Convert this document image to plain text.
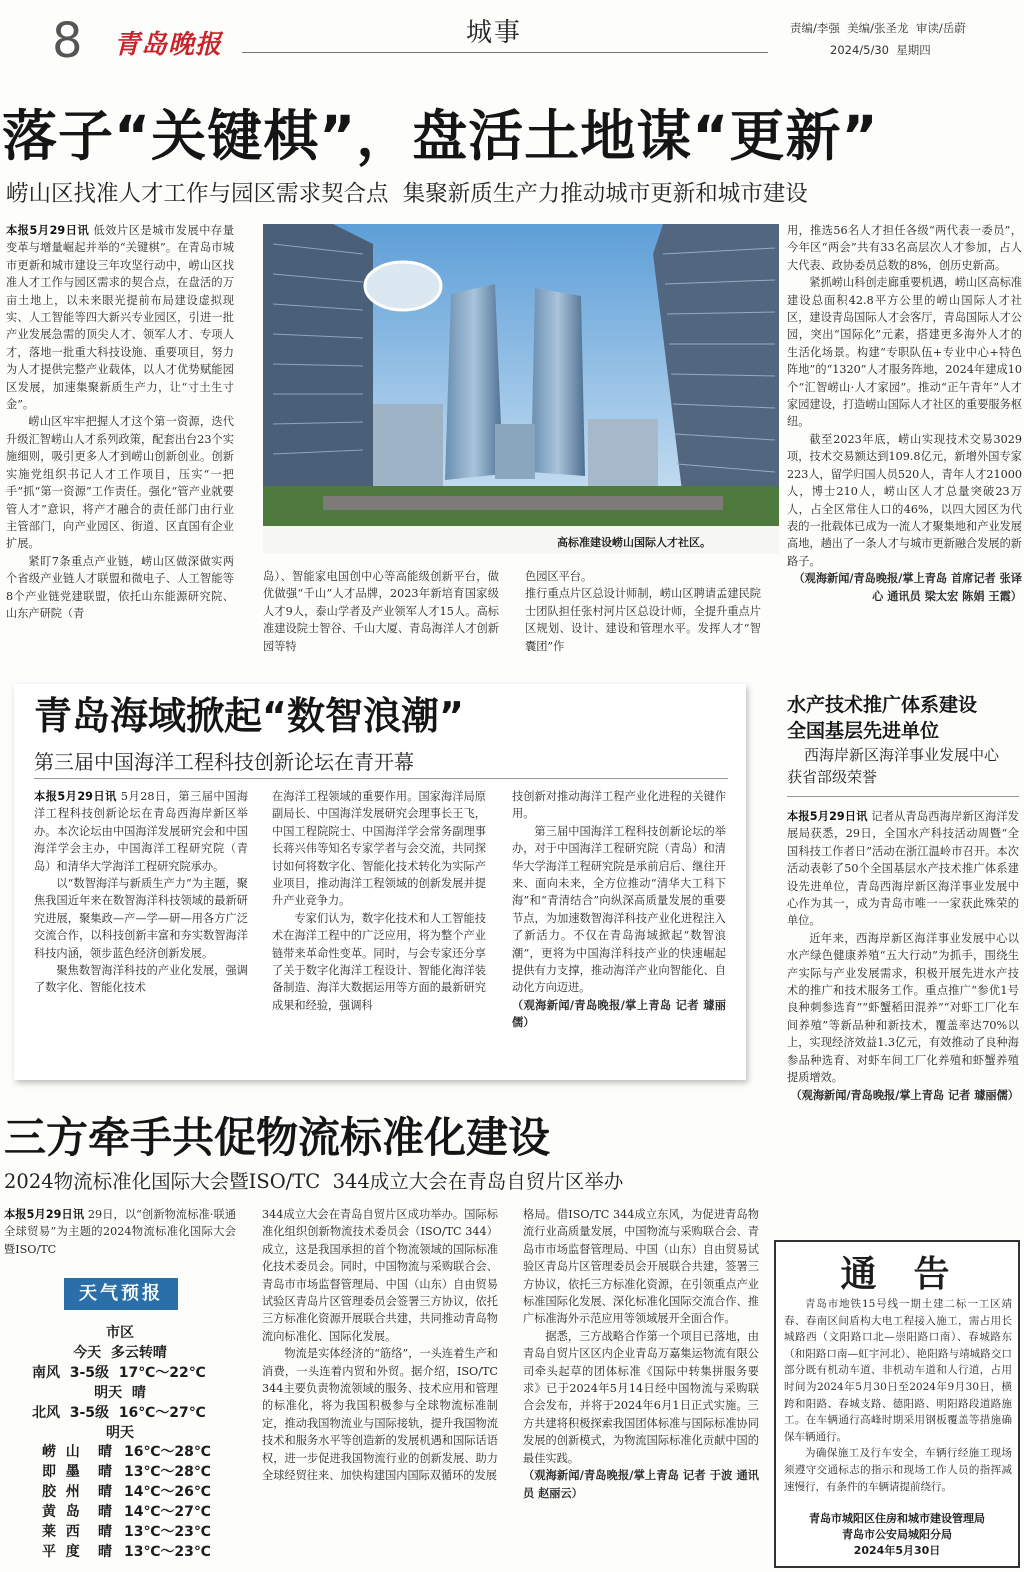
8 青岛晚报	城事	责编/李强  美编/张圣龙  审读/岳蔚
2024/5/30  星期四
落子“关键棋”，盘活土地谋“更新”
崂山区找准人才工作与园区需求契合点  集聚新质生产力推动城市更新和城市建设

本报5月29日讯 低效片区是城市发展中存量变革与增量崛起并举的“关键棋”。在青岛市城市更新和城市建设三年攻坚行动中，崂山区找准人才工作与园区需求的契合点，在盘活的万亩土地上，以未来眼光提前布局建设虚拟现实、人工智能等四大新兴专业园区，引进一批产业发展急需的顶尖人才、领军人才、专项人才，落地一批重大科技设施、重要项目，努力为人才提供完整产业载体，以人才优势赋能园区发展，加速集聚新质生产力，让“寸土生寸金”。

崂山区牢牢把握人才这个第一资源，迭代升级汇智崂山人才系列政策，配套出台23个实施细则，吸引更多人才到崂山创新创业。创新实施党组织书记人才工作项目，压实“一把手”抓“第一资源”工作责任。强化“管产业就要管人才”意识，将产才融合的责任部门由行业主管部门，向产业园区、街道、区直国有企业扩展。

紧盯7条重点产业链，崂山区做深做实两个省级产业链人才联盟和微电子、人工智能等8个产业链党建联盟，依托山东能源研究院、山东产研院（青

高标准建设崂山国际人才社区。

岛）、智能家电国创中心等高能级创新平台，做优做强“千山”人才品牌，2023年新培育国家级人才9人，泰山学者及产业领军人才15人。高标准建设院士智谷、千山大厦、青岛海洋人才创新园等特

色园区平台。
推行重点片区总设计师制，崂山区聘请孟建民院士团队担任张村河片区总设计师，全提升重点片区规划、设计、建设和管理水平。发挥人才“智囊团”作

用，推选56名人才担任各级“两代表一委员”，今年区“两会”共有33名高层次人才参加，占人大代表、政协委员总数的8%，创历史新高。

紧抓崂山科创走廊重要机遇，崂山区高标准建设总面积42.8平方公里的崂山国际人才社区，建设青岛国际人才会客厅，青岛国际人才公园，突出“国际化”元素，搭建更多海外人才的生活化场景。构建“专职队伍+专业中心+特色阵地”的“1320”人才服务阵地，2024年建成10个“汇智崂山·人才家园”。推动“正午青年”人才家园建设，打造崂山国际人才社区的重要服务枢纽。

截至2023年底，崂山实现技术交易3029项，技术交易额达到109.8亿元，新增外国专家223人，留学归国人员520人，青年人才21000人，博士210人，崂山区人才总量突破23万人，占全区常住人口的46%，以四大园区为代表的一批载体已成为一流人才聚集地和产业发展高地，趟出了一条人才与城市更新融合发展的新路子。

（观海新闻/青岛晚报/掌上青岛 首席记者 张译心 通讯员 梁太宏 陈娟 王霞）

青岛海域掀起“数智浪潮”
第三届中国海洋工程科技创新论坛在青开幕

本报5月29日讯 5月28日，第三届中国海洋工程科技创新论坛在青岛西海岸新区举办。本次论坛由中国海洋发展研究会和中国海洋学会主办，中国海洋工程研究院（青岛）和清华大学海洋工程研究院承办。

以“数智海洋与新质生产力”为主题，聚焦我国近年来在数智海洋科技领域的最新研究进展，聚集政—产—学—研—用各方广泛交流合作，以科技创新丰富和夯实数智海洋科技内涵，领步蓝色经济创新发展。

聚焦数智海洋科技的产业化发展，强调了数字化、智能化技术

在海洋工程领域的重要作用。国家海洋局原副局长、中国海洋发展研究会理事长王飞，中国工程院院士、中国海洋学会常务副理事长蒋兴伟等知名专家学者与会交流，共同探讨如何将数字化、智能化技术转化为实际产业项目，推动海洋工程领域的创新发展并提升产业竞争力。

专家们认为，数字化技术和人工智能技术在海洋工程中的广泛应用，将为整个产业链带来革命性变革。同时，与会专家还分享了关于数字化海洋工程设计、智能化海洋装备制造、海洋大数据运用等方面的最新研究成果和经验，强调科

技创新对推动海洋工程产业化进程的关键作用。

第三届中国海洋工程科技创新论坛的举办，对于中国海洋工程研究院（青岛）和清华大学海洋工程研究院是承前启后、继往开来、面向未来，全方位推动“清华大工科下海”和“青清结合”向纵深高质量发展的重要节点，为加速数智海洋科技产业化进程注入了新活力。不仅在青岛海域掀起“数智浪潮”，更将为中国海洋科技产业的快速崛起提供有力支撑，推动海洋产业向智能化、自动化方向迈进。

（观海新闻/青岛晚报/掌上青岛 记者 璩丽儒）

水产技术推广体系建设
全国基层先进单位
西海岸新区海洋事业发展中心
获省部级荣誉

本报5月29日讯 记者从青岛西海岸新区海洋发展局获悉，29日，全国水产科技活动周暨“全国科技工作者日”活动在浙江温岭市召开。本次活动表彰了50个全国基层水产技术推广体系建设先进单位，青岛西海岸新区海洋事业发展中心作为其一，成为青岛市唯一一家获此殊荣的单位。

近年来，西海岸新区海洋事业发展中心以水产绿色健康养殖“五大行动”为抓手，围绕生产实际与产业发展需求，积极开展先进水产技术的推广和技术服务工作。重点推广“参优1号良种刺参选育”“虾蟹稻田混养”“对虾工厂化车间养殖”等新品种和新技术，覆盖率达70%以上，实现经济效益1.3亿元，有效推动了良种海参品种选育、对虾车间工厂化养殖和虾蟹养殖提质增效。

（观海新闻/青岛晚报/掌上青岛 记者 璩丽儒）

三方牵手共促物流标准化建设
2024物流标准化国际大会暨ISO/TC  344成立大会在青岛自贸片区举办

本报5月29日讯 29日，以“创新物流标准·联通全球贸易”为主题的2024物流标准化国际大会暨ISO/TC

天气预报
市区
今天  多云转晴
南风  3-5级  17℃～22℃
明天  晴
北风  3-5级  16℃～27℃
明天
崂  山	晴 16℃～28℃
即  墨	晴 13℃～28℃
胶  州	晴 14℃～26℃
黄  岛	晴 14℃～27℃
莱  西	晴 13℃～23℃
平  度	晴 13℃～23℃

344成立大会在青岛自贸片区成功举办。国际标准化组织创新物流技术委员会（ISO/TC 344）成立，这是我国承担的首个物流领域的国际标准化技术委员会。同时，中国物流与采购联合会、青岛市市场监督管理局、中国（山东）自由贸易试验区青岛片区管理委员会签署三方协议，依托三方标准化资源开展联合共建，共同推动青岛物流向标准化、国际化发展。

物流是实体经济的“筋络”，一头连着生产和消费，一头连着内贸和外贸。据介绍，ISO/TC 344主要负责物流领域的服务、技术应用和管理的标准化，将为我国积极参与全球物流标准制定，推动我国物流业与国际接轨，提升我国物流技术和服务水平等创造新的发展机遇和国际话语权，进一步促进我国物流行业的创新发展、助力全球经贸往来、加快构建国内国际双循环的发展

格局。借ISO/TC 344成立东风，为促进青岛物流行业高质量发展，中国物流与采购联合会、青岛市市场监督管理局、中国（山东）自由贸易试验区青岛片区管理委员会开展联合共建，签署三方协议，依托三方标准化资源，在引领重点产业标准国际化发展、深化标准化国际交流合作、推广标准海外示范应用等领域展开全面合作。

据悉，三方战略合作第一个项目已落地，由青岛自贸片区区内企业青岛万嘉集运物流有限公司牵头起草的团体标准《国际中转集拼服务要求》已于2024年5月14日经中国物流与采购联合会发布，并将于2024年6月1日正式实施。三方共建将积极探索我国团体标准与国际标准协同发展的创新模式，为物流国际标准化贡献中国的最佳实践。

（观海新闻/青岛晚报/掌上青岛 记者 于波 通讯员 赵丽云）

通  告

青岛市地铁15号线一期土建二标一工区靖春、春南区间盾构大电工程接入施工，需占用长城路西（文阳路口北—崇阳路口南）、春城路东（和阳路口南—虹宇河北）、艳阳路与靖城路交口部分既有机动车道、非机动车道和人行道，占用时间为2024年5月30日至2024年9月30日，横跨和阳路、春城支路、德阳路、明阳路段道路施工。在车辆通行高峰时期采用钢板覆盖等措施确保车辆通行。

为确保施工及行车安全，车辆行经施工现场须遵守交通标志的指示和现场工作人员的指挥减速慢行，有条件的车辆请提前绕行。

青岛市城阳区住房和城市建设管理局
青岛市公安局城阳分局
2024年5月30日
